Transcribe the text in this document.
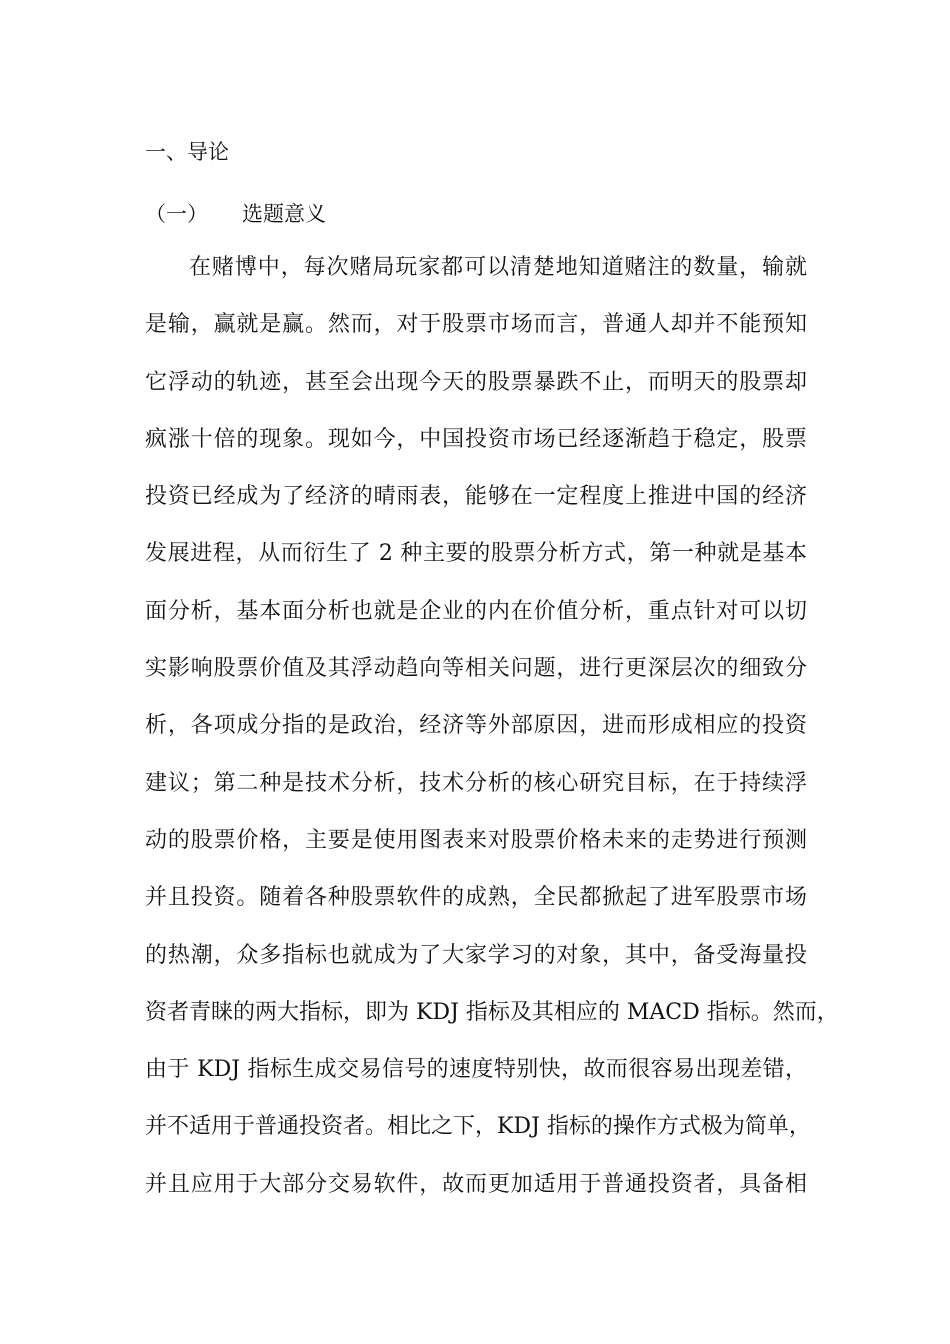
一、导论
（一） 选题意义
在赌博中，每次赌局玩家都可以清楚地知道赌注的数量，输就
是输，赢就是赢。然而，对于股票市场而言，普通人却并不能预知
它浮动的轨迹，甚至会出现今天的股票暴跌不止，而明天的股票却
疯涨十倍的现象。现如今，中国投资市场已经逐渐趋于稳定，股票
投资已经成为了经济的晴雨表，能够在一定程度上推进中国的经济
发展进程，从而衍生了 2 种主要的股票分析方式，第一种就是基本
面分析，基本面分析也就是企业的内在价值分析，重点针对可以切
实影响股票价值及其浮动趋向等相关问题，进行更深层次的细致分
析，各项成分指的是政治，经济等外部原因，进而形成相应的投资
建议；第二种是技术分析，技术分析的核心研究目标，在于持续浮
动的股票价格，主要是使用图表来对股票价格未来的走势进行预测
并且投资。随着各种股票软件的成熟，全民都掀起了进军股票市场
的热潮，众多指标也就成为了大家学习的对象，其中，备受海量投
资者青睐的两大指标，即为 KDJ 指标及其相应的 MACD 指标。然而，
由于 KDJ 指标生成交易信号的速度特别快，故而很容易出现差错，
并不适用于普通投资者。相比之下，KDJ 指标的操作方式极为简单，
并且应用于大部分交易软件，故而更加适用于普通投资者，具备相
